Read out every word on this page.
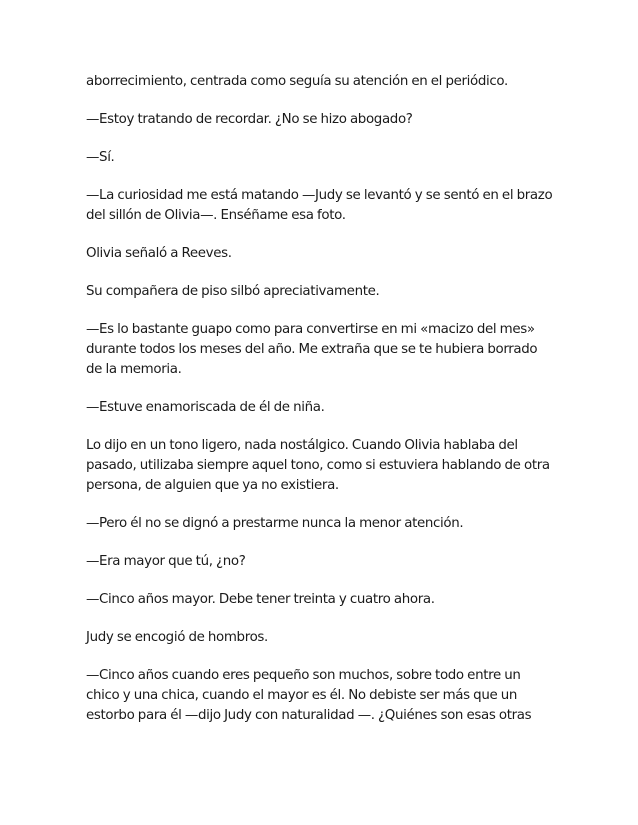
aborrecimiento, centrada como seguía su atención en el periódico.

—Estoy tratando de recordar. ¿No se hizo abogado?

—Sí.

—La curiosidad me está matando —Judy se levantó y se sentó en el brazo del sillón de Olivia—. Enséñame esa foto.

Olivia señaló a Reeves.

Su compañera de piso silbó apreciativamente.

—Es lo bastante guapo como para convertirse en mi «macizo del mes» durante todos los meses del año. Me extraña que se te hubiera borrado de la memoria.

—Estuve enamoriscada de él de niña.

Lo dijo en un tono ligero, nada nostálgico. Cuando Olivia hablaba del pasado, utilizaba siempre aquel tono, como si estuviera hablando de otra persona, de alguien que ya no existiera.

—Pero él no se dignó a prestarme nunca la menor atención.

—Era mayor que tú, ¿no?

—Cinco años mayor. Debe tener treinta y cuatro ahora.

Judy se encogió de hombros.

—Cinco años cuando eres pequeño son muchos, sobre todo entre un chico y una chica, cuando el mayor es él. No debiste ser más que un estorbo para él —dijo Judy con naturalidad —. ¿Quiénes son esas otras
